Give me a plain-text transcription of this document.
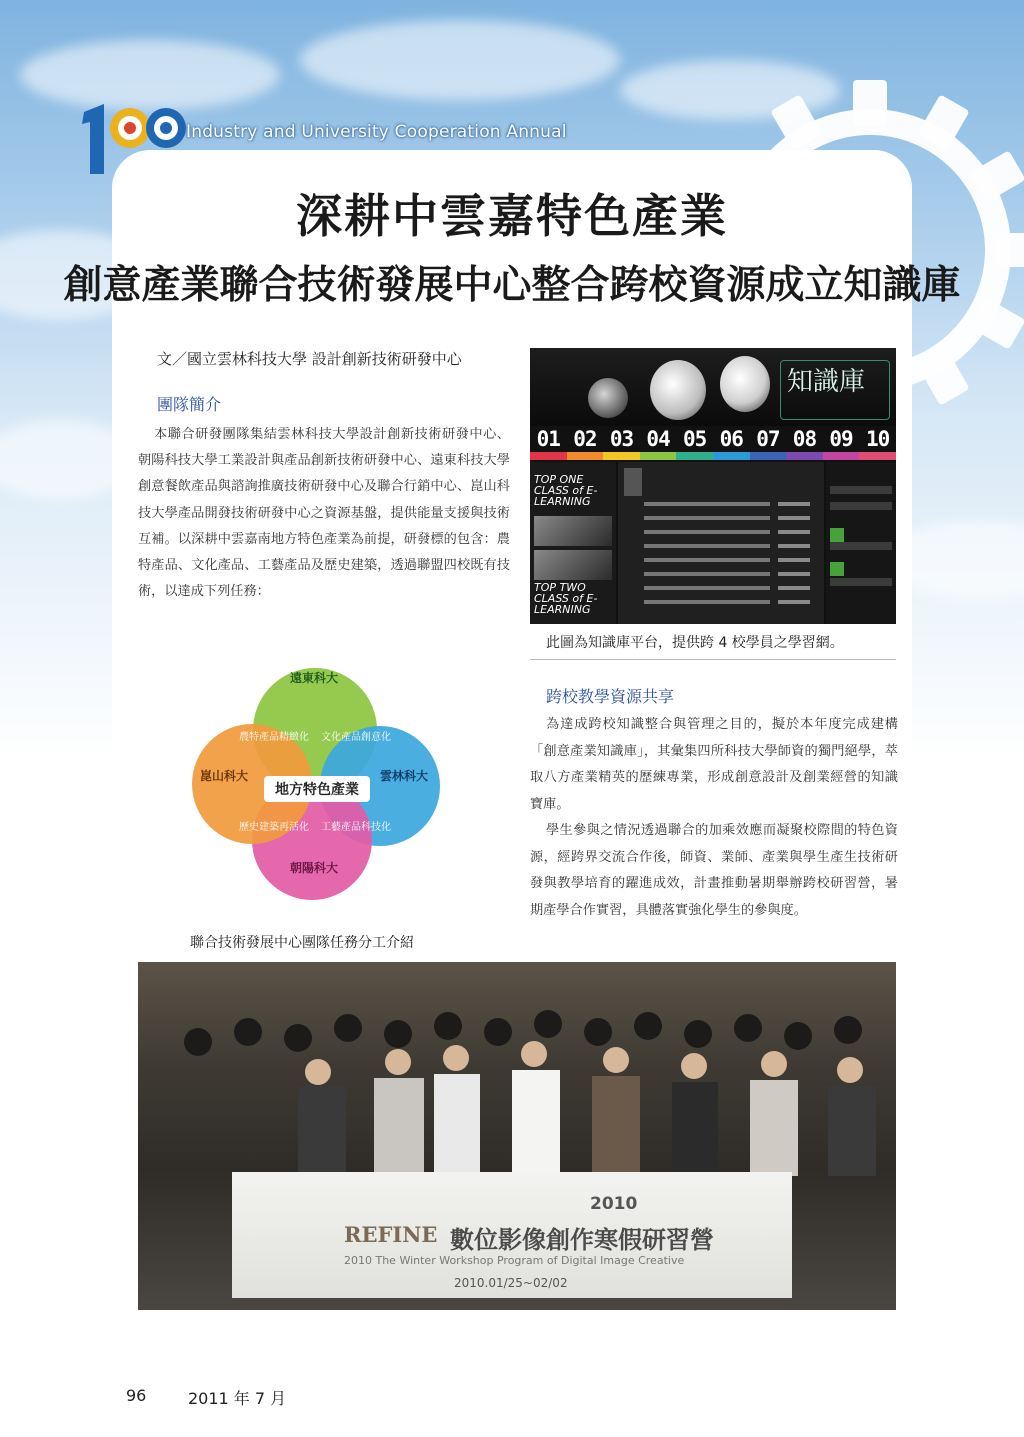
Industry and University Cooperation Annual
深耕中雲嘉特色產業
創意產業聯合技術發展中心整合跨校資源成立知識庫
文／國立雲林科技大學 設計創新技術研發中心
團隊簡介
本聯合研發團隊集結雲林科技大學設計創新技術研發中心、朝陽科技大學工業設計與產品創新技術研發中心、遠東科技大學創意餐飲產品與諮詢推廣技術研發中心及聯合行銷中心、崑山科技大學產品開發技術研發中心之資源基盤，提供能量支援與技術互補。以深耕中雲嘉南地方特色產業為前提，研發標的包含：農特產品、文化產品、工藝產品及歷史建築，透過聯盟四校既有技術，以達成下列任務：
知識庫
01 02 03 04 05 06 07 08 09 10
TOP ONE CLASS of E-LEARNING
TOP TWO CLASS of E-LEARNING
此圖為知識庫平台，提供跨 4 校學員之學習網。
跨校教學資源共享

為達成跨校知識整合與管理之目的，擬於本年度完成建構「創意產業知識庫」，其彙集四所科技大學師資的獨門絕學，萃取八方產業精英的歷練專業，形成創意設計及創業經營的知識寶庫。

學生參與之情況透過聯合的加乘效應而凝聚校際間的特色資源，經跨界交流合作後，師資、業師、產業與學生產生技術研發與教學培育的躍進成效，計畫推動暑期舉辦跨校研習營，暑期產學合作實習，具體落實強化學生的參與度。

地方特色產業
遠東科大
雲林科大
朝陽科大
崑山科大
農特產品精緻化 文化產品創意化
歷史建築再活化 工藝產品科技化
聯合技術發展中心團隊任務分工介紹
2010
REFINE 數位影像創作寒假研習營
2010 The Winter Workshop Program of Digital Image Creative
2010.01/25~02/02
96	2011 年 7 月
